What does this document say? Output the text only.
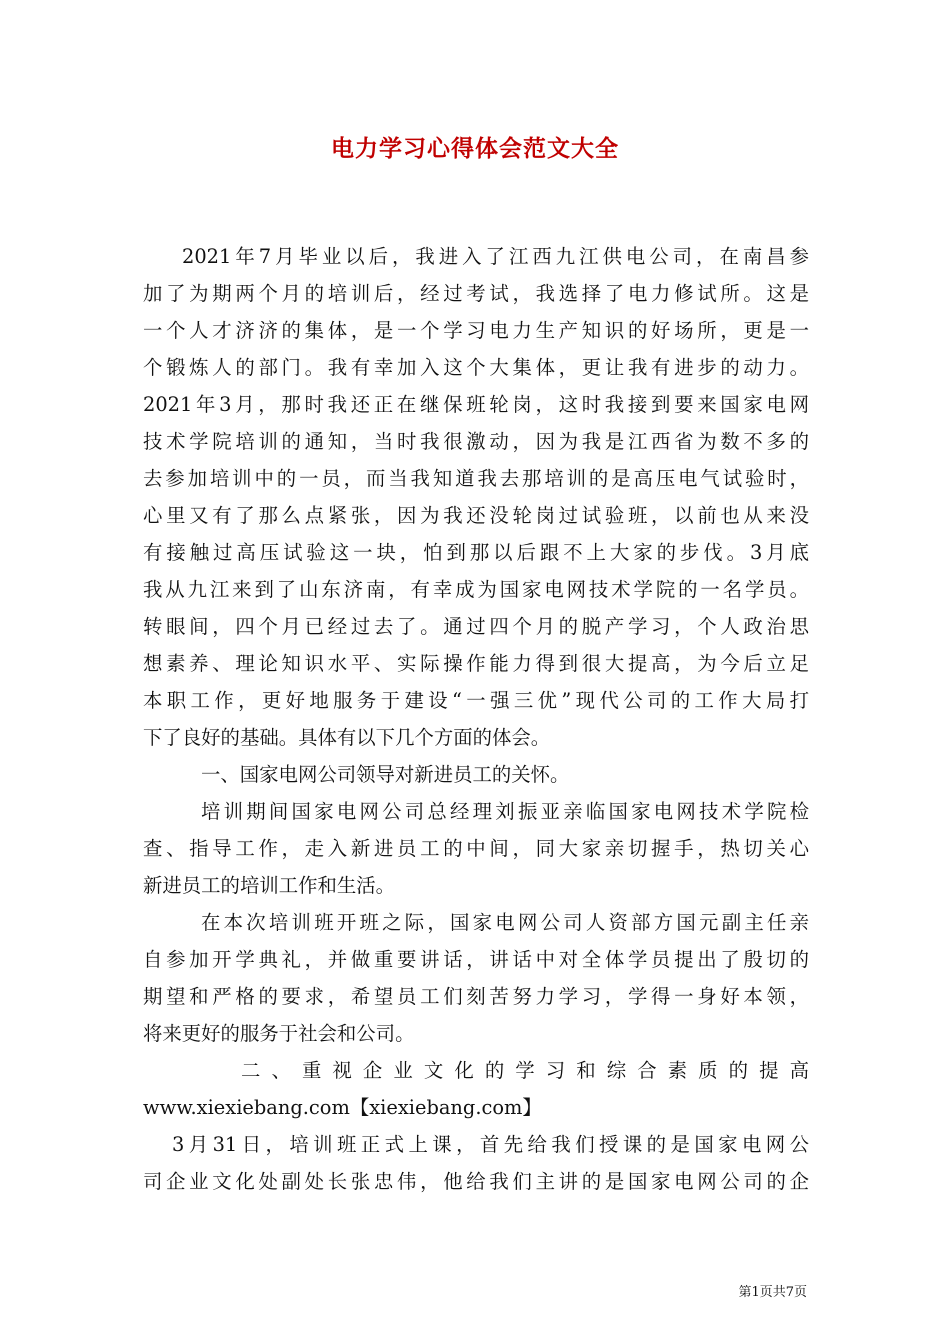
电力学习心得体会范文大全
2021年7月毕业以后，我进入了江西九江供电公司，在南昌参
加了为期两个月的培训后，经过考试，我选择了电力修试所。这是
一个人才济济的集体，是一个学习电力生产知识的好场所，更是一
个锻炼人的部门。我有幸加入这个大集体，更让我有进步的动力。
2021年3月，那时我还正在继保班轮岗，这时我接到要来国家电网
技术学院培训的通知，当时我很激动，因为我是江西省为数不多的
去参加培训中的一员，而当我知道我去那培训的是高压电气试验时，
心里又有了那么点紧张，因为我还没轮岗过试验班，以前也从来没
有接触过高压试验这一块，怕到那以后跟不上大家的步伐。3月底
我从九江来到了山东济南，有幸成为国家电网技术学院的一名学员。
转眼间，四个月已经过去了。通过四个月的脱产学习，个人政治思
想素养、理论知识水平、实际操作能力得到很大提高，为今后立足
本职工作，更好地服务于建设“一强三优”现代公司的工作大局打
下了良好的基础。具体有以下几个方面的体会。
一、国家电网公司领导对新进员工的关怀。
培训期间国家电网公司总经理刘振亚亲临国家电网技术学院检
查、指导工作，走入新进员工的中间，同大家亲切握手，热切关心
新进员工的培训工作和生活。
在本次培训班开班之际，国家电网公司人资部方国元副主任亲
自参加开学典礼，并做重要讲话，讲话中对全体学员提出了殷切的
期望和严格的要求，希望员工们刻苦努力学习，学得一身好本领，
将来更好的服务于社会和公司。
二、重视企业文化的学习和综合素质的提高
www.xiexiebang.com【xiexiebang.com】
3月31日，培训班正式上课，首先给我们授课的是国家电网公
司企业文化处副处长张忠伟，他给我们主讲的是国家电网公司的企
第1页共7页
